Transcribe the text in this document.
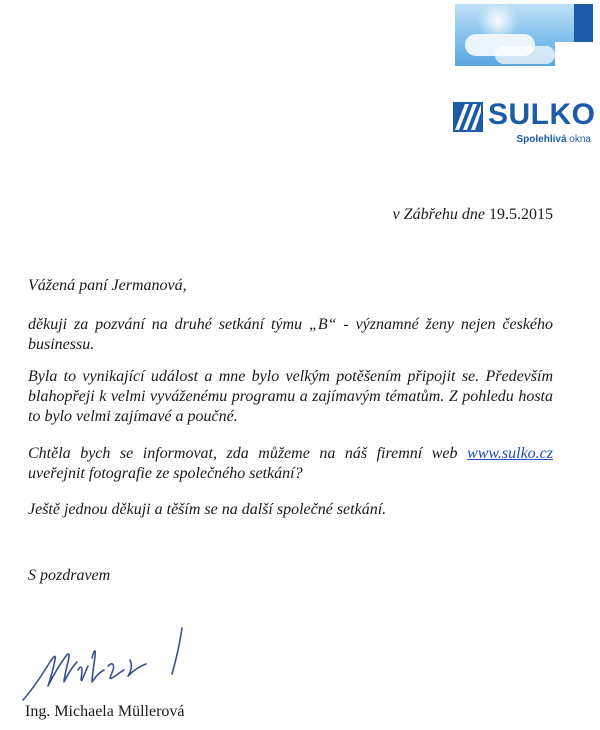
SULKO
Spolehlivá okna
v Zábřehu dne 19.5.2015
Vážená paní Jermanová,
děkuji za pozvání na druhé setkání týmu „B“ - významné ženy nejen českého businessu.
Byla to vynikající událost a mne bylo velkým potěšením připojit se. Především blahopřeji k velmi vyváženému programu a zajímavým tématům. Z pohledu hosta to bylo velmi zajímavé a poučné.
Chtěla bych se informovat, zda můžeme na náš firemní web www.sulko.cz uveřejnit fotografie ze společného setkání?
Ještě jednou děkuji a těším se na další společné setkání.
S pozdravem
Ing. Michaela Müllerová
